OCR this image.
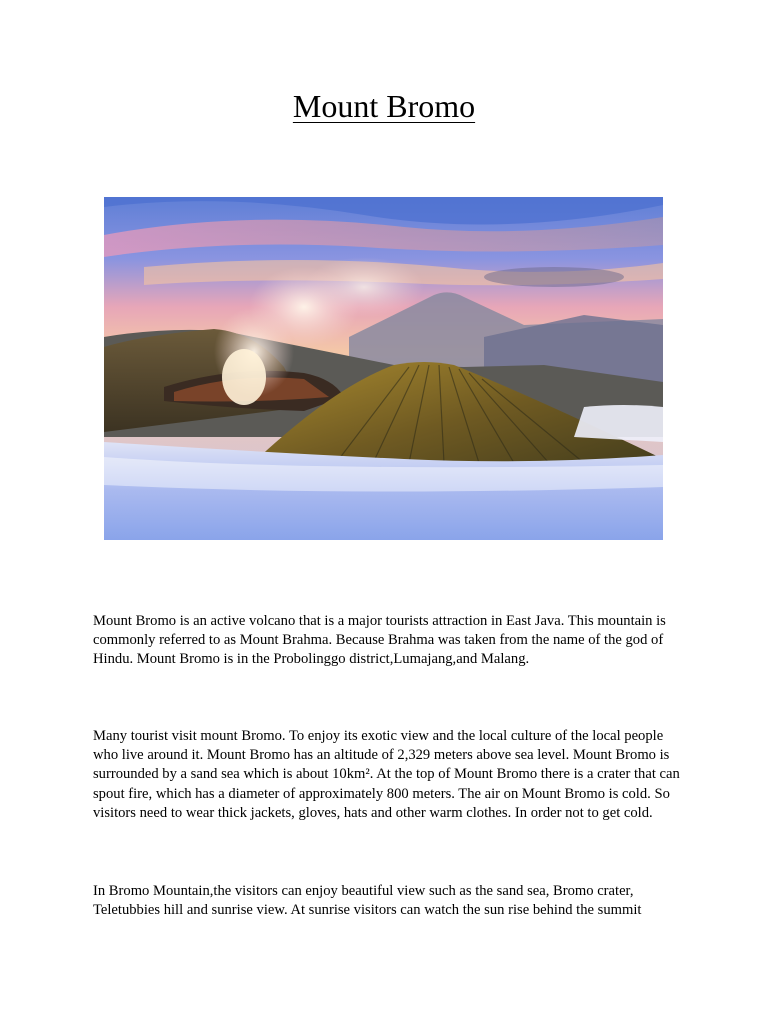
Mount Bromo

Mount Bromo is an active volcano that is a major tourists attraction in East Java. This mountain is commonly referred to as Mount Brahma. Because Brahma was taken from the name of the god of Hindu. Mount Bromo is in the Probolinggo district,Lumajang,and Malang.

Many tourist visit mount Bromo. To enjoy its exotic view and the local culture of the local people who live around it. Mount Bromo has an altitude of 2,329 meters above sea level. Mount Bromo is surrounded by a sand sea which is about 10km². At the top of Mount Bromo there is a crater that can spout fire, which has a diameter of approximately 800 meters. The air on Mount Bromo is cold. So visitors need to wear thick jackets, gloves, hats and other warm clothes. In order not to get cold.

In Bromo Mountain,the visitors can enjoy beautiful view such as the sand sea, Bromo crater, Teletubbies hill and sunrise view. At sunrise visitors can watch the sun rise behind the summit
